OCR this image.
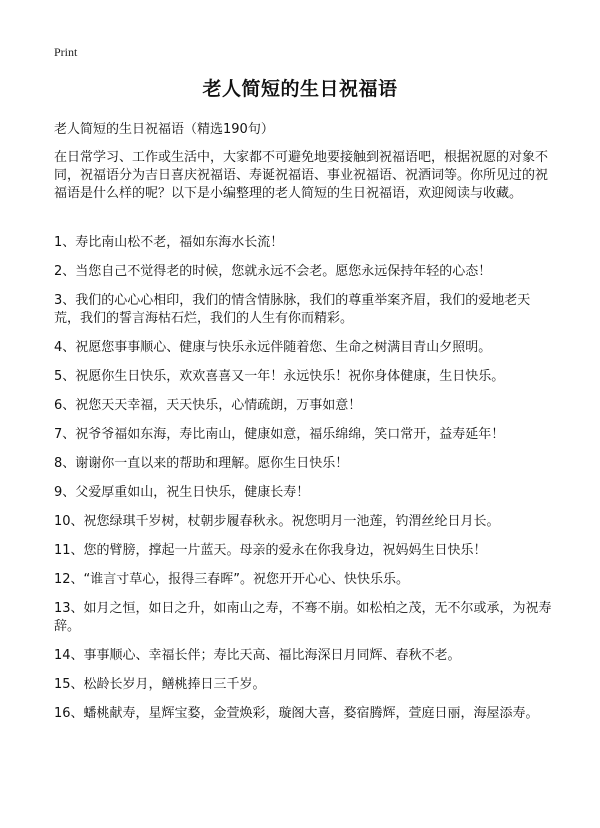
Print
老人简短的生日祝福语

老人简短的生日祝福语（精选190句）

在日常学习、工作或生活中，大家都不可避免地要接触到祝福语吧，根据祝愿的对象不同，祝福语分为吉日喜庆祝福语、寿诞祝福语、事业祝福语、祝酒词等。你所见过的祝福语是什么样的呢？以下是小编整理的老人简短的生日祝福语，欢迎阅读与收藏。

1、寿比南山松不老，福如东海水长流！
2、当您自己不觉得老的时候，您就永远不会老。愿您永远保持年轻的心态！
3、我们的心心心相印，我们的情含情脉脉，我们的尊重举案齐眉，我们的爱地老天荒，我们的誓言海枯石烂，我们的人生有你而精彩。
4、祝愿您事事顺心、健康与快乐永远伴随着您、生命之树满目青山夕照明。
5、祝愿你生日快乐，欢欢喜喜又一年！永远快乐！祝你身体健康，生日快乐。
6、祝您天天幸福，天天快乐，心情疏朗，万事如意！
7、祝爷爷福如东海，寿比南山，健康如意，福乐绵绵，笑口常开，益寿延年！
8、谢谢你一直以来的帮助和理解。愿你生日快乐！
9、父爱厚重如山，祝生日快乐，健康长寿！
10、祝您绿琪千岁树，杖朝步履春秋永。祝您明月一池莲，钓渭丝纶日月长。
11、您的臂膀，撑起一片蓝天。母亲的爱永在你我身边，祝妈妈生日快乐！
12、“谁言寸草心，报得三春晖”。祝您开开心心、快快乐乐。
13、如月之恒，如日之升，如南山之寿，不骞不崩。如松柏之茂，无不尔或承，为祝寿辞。
14、事事顺心、幸福长伴；寿比天高、福比海深日月同辉、春秋不老。
15、松龄长岁月，鳝桃捧日三千岁。
16、蟠桃献寿，星辉宝婺，金萱焕彩，璇阁大喜，婺宿腾辉，萱庭日丽，海屋添寿。
